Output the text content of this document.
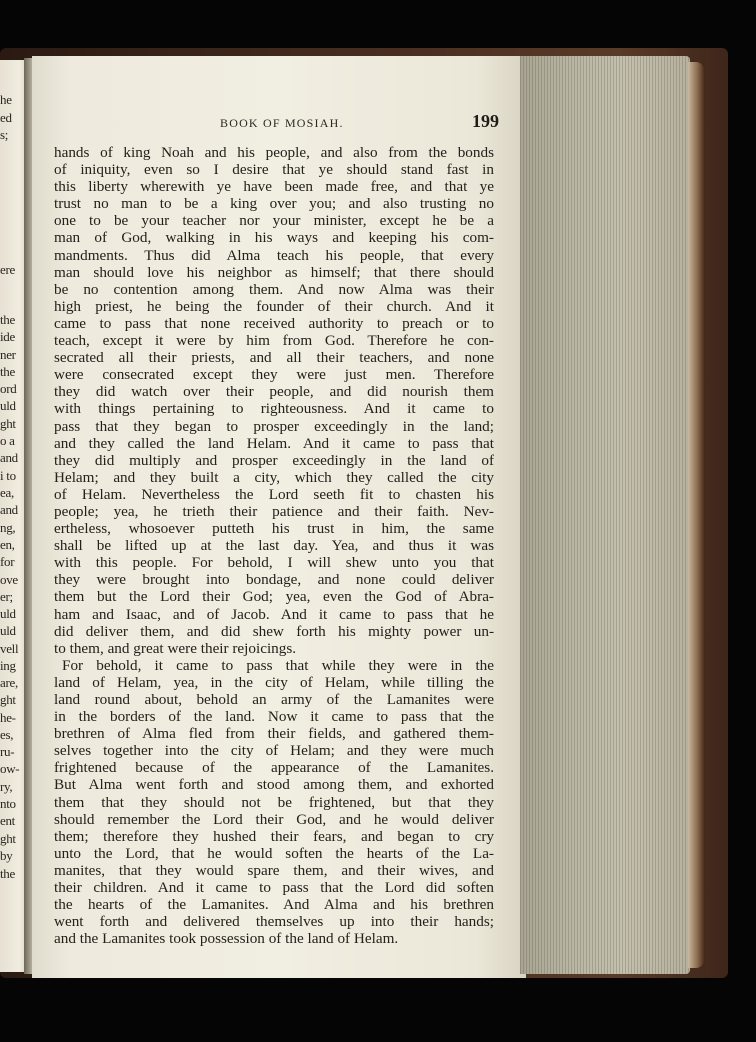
he
ed
s;
ere
the
ide
ner
the
ord
uld
ght
o a
and
i to
ea,
and
ng,
en,
for
ove
er;
uld
uld
vell
ing
are,
ght
he-
es,
ru-
ow-
ry,
nto
ent
ght
by
the
BOOK OF MOSIAH.	199
hands of king Noah and his people, and also from the bonds
of iniquity, even so I desire that ye should stand fast in
this liberty wherewith ye have been made free, and that ye
trust no man to be a king over you; and also trusting no
one to be your teacher nor your minister, except he be a
man of God, walking in his ways and keeping his com-
mandments. Thus did Alma teach his people, that every
man should love his neighbor as himself; that there should
be no contention among them. And now Alma was their
high priest, he being the founder of their church. And it
came to pass that none received authority to preach or to
teach, except it were by him from God. Therefore he con-
secrated all their priests, and all their teachers, and none
were consecrated except they were just men. Therefore
they did watch over their people, and did nourish them
with things pertaining to righteousness. And it came to
pass that they began to prosper exceedingly in the land;
and they called the land Helam. And it came to pass that
they did multiply and prosper exceedingly in the land of
Helam; and they built a city, which they called the city
of Helam. Nevertheless the Lord seeth fit to chasten his
people; yea, he trieth their patience and their faith. Nev-
ertheless, whosoever putteth his trust in him, the same
shall be lifted up at the last day. Yea, and thus it was
with this people. For behold, I will shew unto you that
they were brought into bondage, and none could deliver
them but the Lord their God; yea, even the God of Abra-
ham and Isaac, and of Jacob. And it came to pass that he
did deliver them, and did shew forth his mighty power un-
to them, and great were their rejoicings.
For behold, it came to pass that while they were in the
land of Helam, yea, in the city of Helam, while tilling the
land round about, behold an army of the Lamanites were
in the borders of the land. Now it came to pass that the
brethren of Alma fled from their fields, and gathered them-
selves together into the city of Helam; and they were much
frightened because of the appearance of the Lamanites.
But Alma went forth and stood among them, and exhorted
them that they should not be frightened, but that they
should remember the Lord their God, and he would deliver
them; therefore they hushed their fears, and began to cry
unto the Lord, that he would soften the hearts of the La-
manites, that they would spare them, and their wives, and
their children. And it came to pass that the Lord did soften
the hearts of the Lamanites. And Alma and his brethren
went forth and delivered themselves up into their hands;
and the Lamanites took possession of the land of Helam.
